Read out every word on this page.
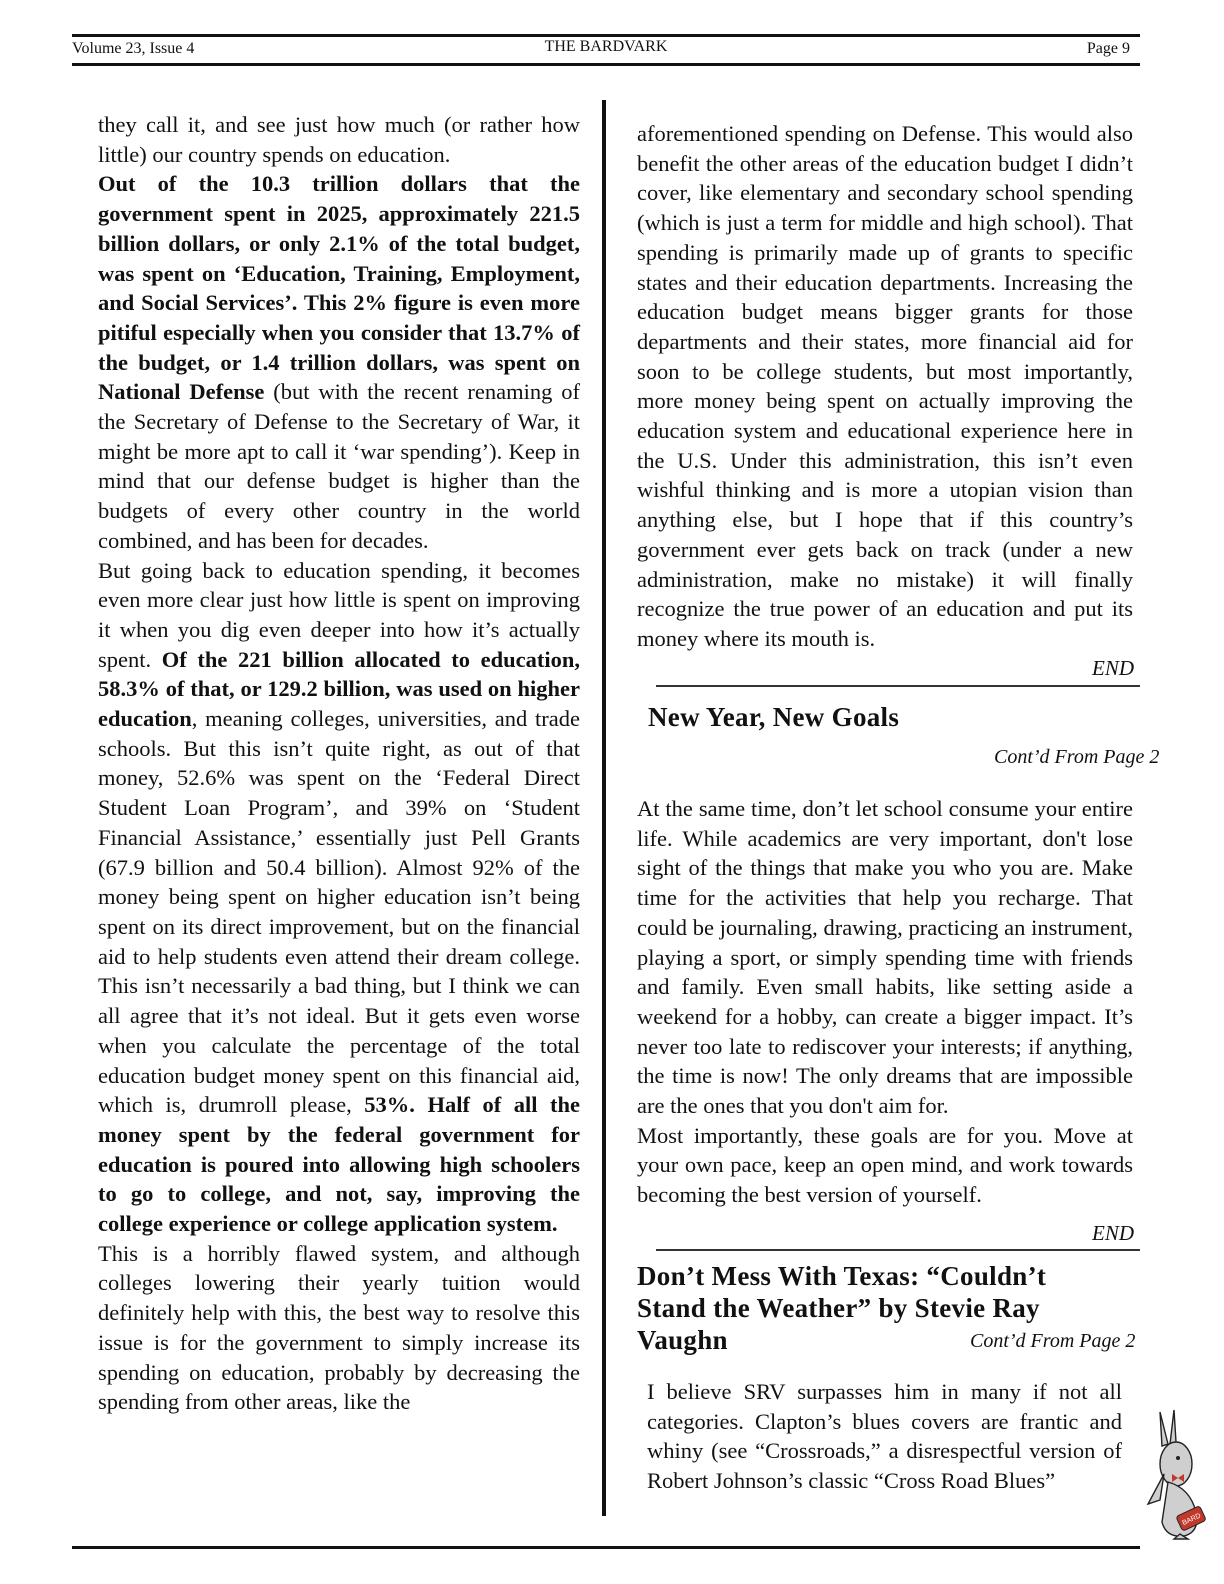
Volume 23, Issue 4	THE BARDVARK	Page 9

they call it, and see just how much (or rather how little) our country spends on education.

Out of the 10.3 trillion dollars that the government spent in 2025, approximately 221.5 billion dollars, or only 2.1% of the total budget, was spent on ‘Education, Training, Employment, and Social Services’. This 2% figure is even more pitiful especially when you consider that 13.7% of the budget, or 1.4 trillion dollars, was spent on National Defense (but with the recent renaming of the Secretary of Defense to the Secretary of War, it might be more apt to call it ‘war spending’). Keep in mind that our defense budget is higher than the budgets of every other country in the world combined, and has been for decades.

But going back to education spending, it becomes even more clear just how little is spent on improving it when you dig even deeper into how it’s actually spent. Of the 221 billion allocated to education, 58.3% of that, or 129.2 billion, was used on higher education, meaning colleges, universities, and trade schools. But this isn’t quite right, as out of that money, 52.6% was spent on the ‘Federal Direct Student Loan Program’, and 39% on ‘Student Financial Assistance,’ essentially just Pell Grants (67.9 billion and 50.4 billion). Almost 92% of the money being spent on higher education isn’t being spent on its direct improvement, but on the financial aid to help students even attend their dream college. This isn’t necessarily a bad thing, but I think we can all agree that it’s not ideal. But it gets even worse when you calculate the percentage of the total education budget money spent on this financial aid, which is, drumroll please, 53%. Half of all the money spent by the federal government for education is poured into allowing high schoolers to go to college, and not, say, improving the college experience or college application system.

This is a horribly flawed system, and although colleges lowering their yearly tuition would definitely help with this, the best way to resolve this issue is for the government to simply increase its spending on education, probably by decreasing the spending from other areas, like the

aforementioned spending on Defense. This would also benefit the other areas of the education budget I didn’t cover, like elementary and secondary school spending (which is just a term for middle and high school). That spending is primarily made up of grants to specific states and their education departments. Increasing the education budget means bigger grants for those departments and their states, more financial aid for soon to be college students, but most importantly, more money being spent on actually improving the education system and educational experience here in the U.S. Under this administration, this isn’t even wishful thinking and is more a utopian vision than anything else, but I hope that if this country’s government ever gets back on track (under a new administration, make no mistake) it will finally recognize the true power of an education and put its money where its mouth is.

END
New Year, New Goals
Cont’d From Page 2

At the same time, don’t let school consume your entire life. While academics are very important, don't lose sight of the things that make you who you are. Make time for the activities that help you recharge. That could be journaling, drawing, practicing an instrument, playing a sport, or simply spending time with friends and family. Even small habits, like setting aside a weekend for a hobby, can create a bigger impact. It’s never too late to rediscover your interests; if anything, the time is now! The only dreams that are impossible are the ones that you don't aim for.

Most importantly, these goals are for you. Move at your own pace, keep an open mind, and work towards becoming the best version of yourself.

END
Don’t Mess With Texas: “Couldn’t Stand the Weather” by Stevie Ray Vaughn	Cont’d From Page 2

I believe SRV surpasses him in many if not all categories. Clapton’s blues covers are frantic and whiny (see “Crossroads,” a disrespectful version of Robert Johnson’s classic “Cross Road Blues”

BARD
